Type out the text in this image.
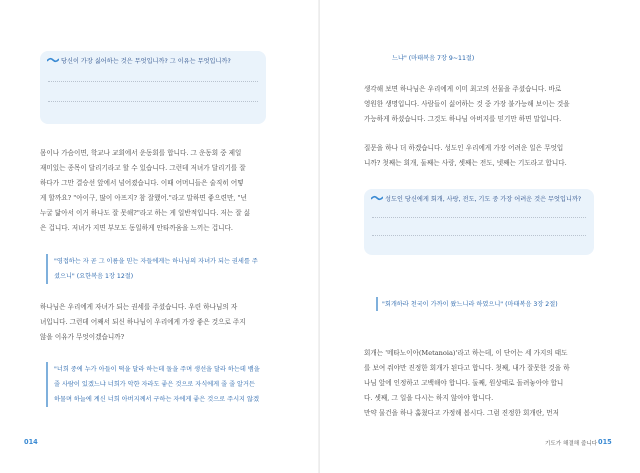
당신이 가장 싫어하는 것은 무엇입니까? 그 이유는 무엇입니까?
몸이나 가슴이면, 학교나 교회에서 운동회를 합니다. 그 운동회 중 제일
재미있는 종목이 달리기라고 할 수 있습니다. 그런데 저녀가 달리기를 잘
하다가 그만 결승선 앞에서 넘어졌습니다. 이때 어머니들은 술직히 어떻
게 할까요? "아이구, 많이 아프지? 참 잘했어."라고 말하면 좋으련만, "넌
누굴 닮아서 이거 하나도 잘 못해?"라고 하는 게 일반적입니다. 저는 잘 싫
은 겁니다. 저녀가 지면 부모도 동일하게 안타까움을 느끼는 겁니다.
"영접하는 자 곧 그 이름을 믿는 자들에게는 하나님의 자녀가 되는 권세를 주
셨으니" (요한복음 1장 12절)
하나님은 우리에게 자녀가 되는 권세를 주셨습니다. 우린 하나님의 자
녀입니다. 그런데 어째서 되신 하나님이 우리에게 가장 좋은 것으로 주지
않을 이유가 무엇이겠습니까?
"너희 중에 누가 아들이 떡을 달라 하는데 돌을 주며 생선을 달라 하는데 뱀을
줄 사람이 있겠느냐 너희가 악한 자라도 좋은 것으로 자식에게 줄 줄 알거든
하물며 하늘에 계신 너희 아버지께서 구하는 자에게 좋은 것으로 주시지 않겠
014
느냐" (마태복음 7장 9~11절)
생각해 보면 하나님은 우리에게 이미 최고의 선물을 주셨습니다. 바로
영원한 생명입니다. 사람들이 싫어하는 것 중 가장 불가능해 보이는 것을
가능하게 하셨습니다. 그것도 하나님 아버지를 믿기만 하면 말입니다.
질문을 하나 더 하겠습니다. 성도인 우리에게 가장 어려운 일은 무엇입
니까? 첫째는 회개, 둘째는 사랑, 셋째는 전도, 넷째는 기도라고 합니다.
성도인 당신에게 회개, 사랑, 전도, 기도 중 가장 어려운 것은 무엇입니까?
"회개하라 천국이 가까이 왔느니라 하였으니" (마태복음 3장 2절)
회개는 '메타노이아(Metanoia)'라고 하는데, 이 단어는 세 가지의 태도
를 보여 줘야만 진정한 회개가 된다고 합니다. 첫째, 내가 잘못한 것을 하
나님 앞에 인정하고 고백해야 합니다. 둘째, 원상태로 돌려놓아야 합니
다. 셋째, 그 일을 다시는 하지 않아야 합니다.
만약 물건을 하나 훔쳤다고 가정해 봅시다. 그럼 진정한 회개란, 먼저
기도가 해결해 줍니다 015
